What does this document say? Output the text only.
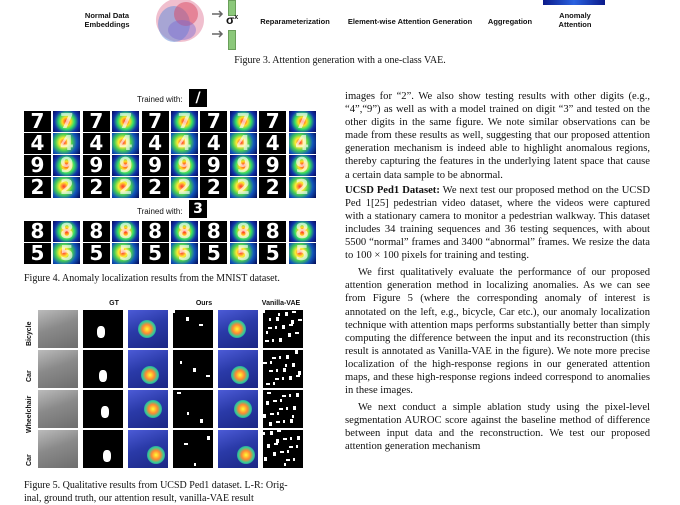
Normal Data Embeddings	$\sigma^x$	Reparameterization	Element-wise Attention Generation	Aggregation
Anomaly Attention
Figure 3. Attention generation with a one-class VAE.
Trained with: /
7 7 7 7 7 7 7 7 7 7
4 4 4 4 4 4 4 4 4 4
9 9 9 9 9 9 9 9 9 9
2 2 2 2 2 2 2 2 2 2
Trained with: 3
8 8 8 8 8 8 8 8 8 8
5 5 5 5 5 5 5 5 5 5
Figure 4. Anomaly localization results from the MNIST dataset.
GT	Ours	Vanilla-VAE
Bicycle
Car
Wheelchair
Car
Figure 5. Qualitative results from UCSD Ped1 dataset. L-R: Orig-
inal, ground truth, our attention result, vanilla-VAE result

images for “2”. We also show testing results with other digits (e.g., “4”,“9”) as well as with a model trained on digit “3” and tested on the other digits in the same figure. We note similar observations can be made from these results as well, suggesting that our proposed attention generation mechanism is indeed able to highlight anomalous regions, thereby capturing the features in the underlying latent space that cause a certain data sample to be abnormal.

UCSD Ped1 Dataset: We next test our proposed method on the UCSD Ped 1[25] pedestrian video dataset, where the videos were captured with a stationary camera to monitor a pedestrian walkway. This dataset includes 34 training sequences and 36 testing sequences, with about 5500 “normal” frames and 3400 “abnormal” frames. We resize the data to 100 × 100 pixels for training and testing.

We first qualitatively evaluate the performance of our proposed attention generation method in localizing anomalies. As we can see from Figure 5 (where the corresponding anomaly of interest is annotated on the left, e.g., bicycle, Car etc.), our anomaly localization technique with attention maps performs substantially better than simply computing the difference between the input and its reconstruction (this result is annotated as Vanilla-VAE in the figure). We note more precise localization of the high-response regions in our generated attention maps, and these high-response regions indeed correspond to anomalies in these images.

We next conduct a simple ablation study using the pixel-level segmentation AUROC score against the baseline method of difference between input data and the reconstruction. We test our proposed attention generation mechanism
